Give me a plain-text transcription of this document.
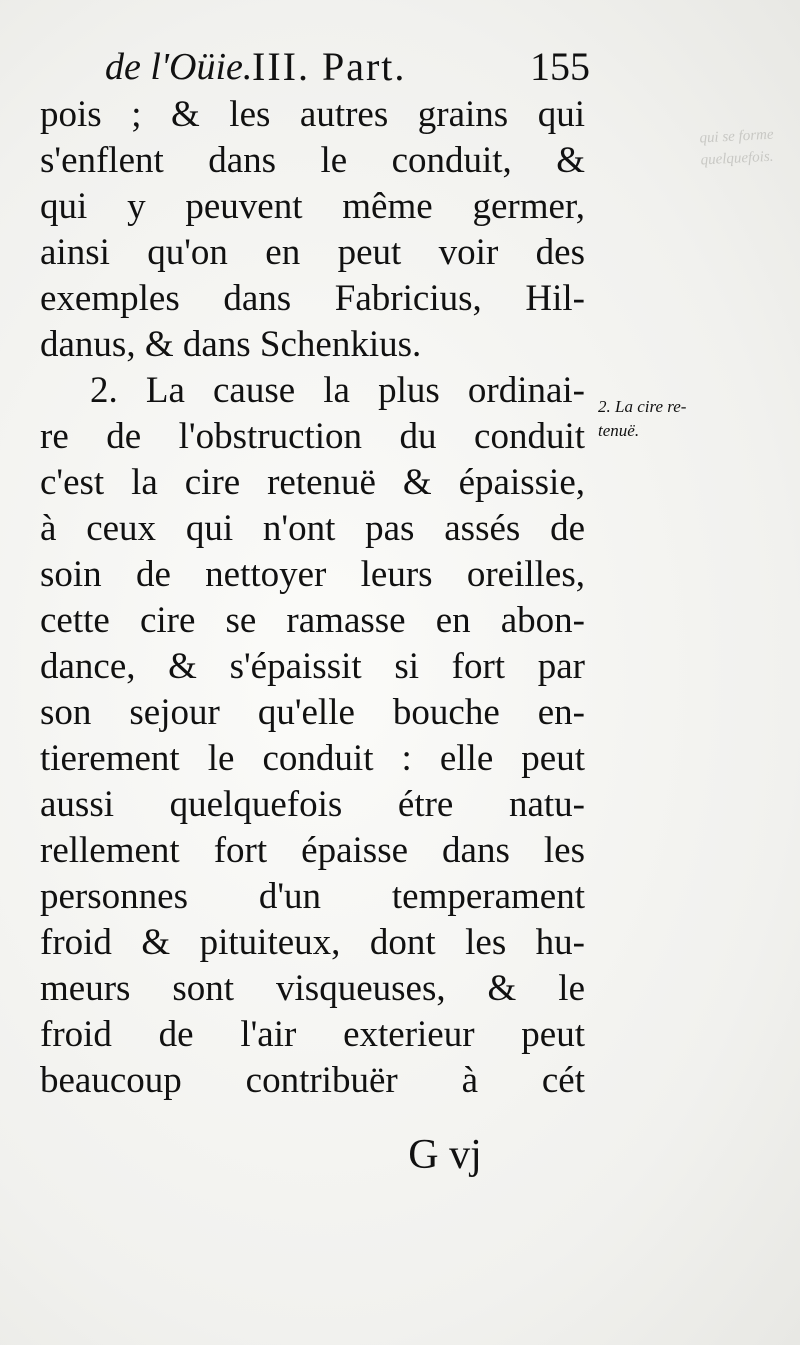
qui se forme
quelquefois.
de l'Oüie. III. Part.	155
pois ; & les autres grains qui
s'enflent dans le conduit, &
qui y peuvent même germer,
ainsi qu'on en peut voir des
exemples dans Fabricius, Hil-
danus, & dans Schenkius.
2. La cause la plus ordinai-
re de l'obstruction du conduit
c'est la cire retenuë & épaissie,
à ceux qui n'ont pas assés de
soin de nettoyer leurs oreilles,
cette cire se ramasse en abon-
dance, & s'épaissit si fort par
son sejour qu'elle bouche en-
tierement le conduit : elle peut
aussi quelquefois étre natu-
rellement fort épaisse dans les
personnes d'un temperament
froid & pituiteux, dont les hu-
meurs sont visqueuses, & le
froid de l'air exterieur peut
beaucoup contribuër à cét
2. La cire re-
tenuë.
G vj
